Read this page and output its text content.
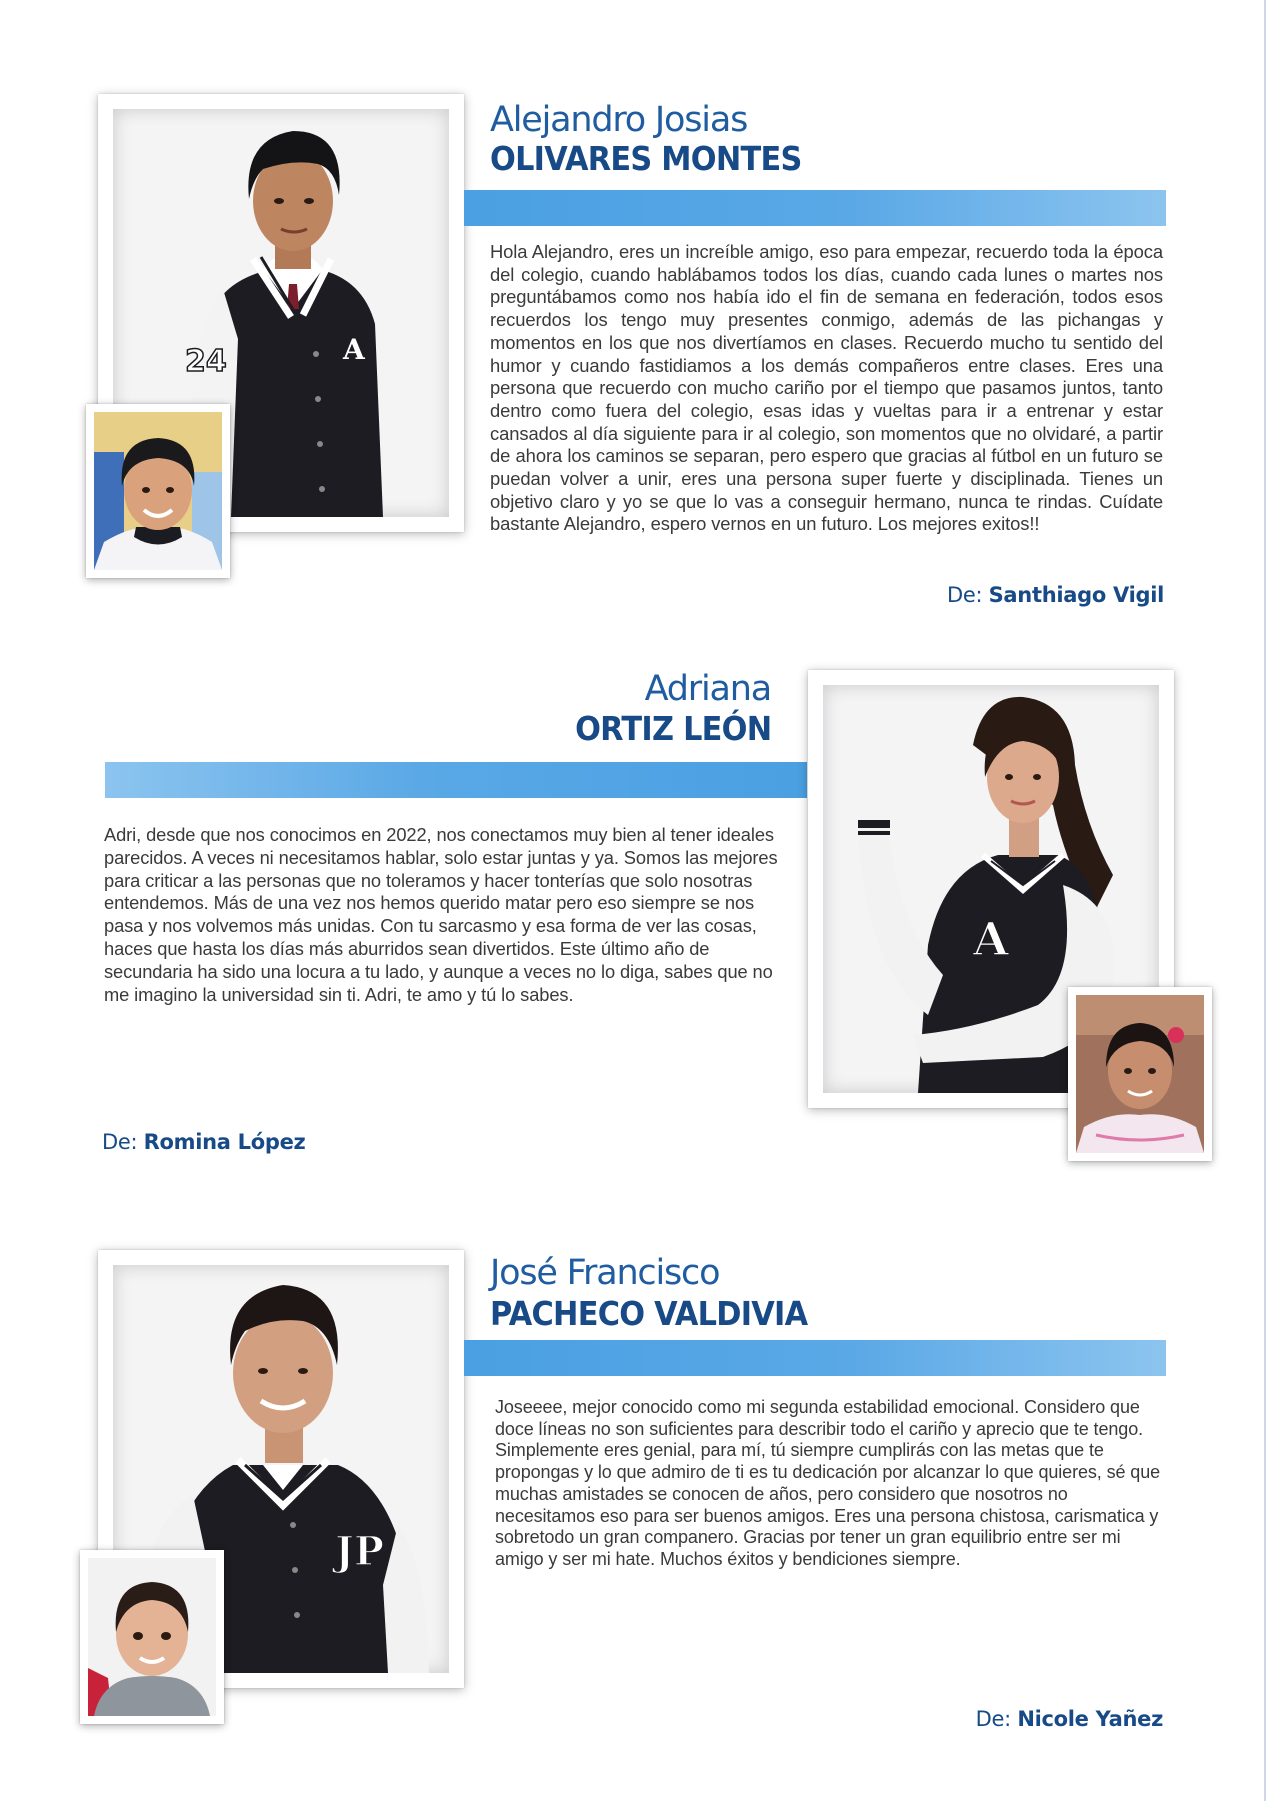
24	A
Alejandro Josias
OLIVARES MONTES

Hola Alejandro, eres un increíble amigo, eso para empezar, recuerdo toda la época del colegio, cuando hablábamos todos los días, cuando cada lunes o martes nos preguntábamos como nos había ido el fin de semana en federación, todos esos recuerdos los tengo muy presentes conmigo, además de las pichangas y momentos en los que nos divertíamos en clases. Recuerdo mucho tu sentido del humor y cuando fastidiamos a los demás compañeros entre clases. Eres una persona que recuerdo con mucho cariño por el tiempo que pasamos juntos, tanto dentro como fuera del colegio, esas idas y vueltas para ir a entrenar y estar cansados al día siguiente para ir al colegio, son momentos que no olvidaré, a partir de ahora los caminos se separan, pero espero que gracias al fútbol en un futuro se puedan volver a unir, eres una persona super fuerte y disciplinada. Tienes un objetivo claro y yo se que lo vas a conseguir hermano, nunca te rindas. Cuídate bastante Alejandro, espero vernos en un futuro. Los mejores exitos!!

De: Santhiago Vigil
Adriana
ORTIZ LEÓN

Adri, desde que nos conocimos en 2022, nos conectamos muy bien al tener ideales parecidos. A veces ni necesitamos hablar, solo estar juntas y ya. Somos las mejores para criticar a las personas que no toleramos y hacer tonterías que solo nosotras entendemos. Más de una vez nos hemos querido matar pero eso siempre se nos pasa y nos volvemos más unidas. Con tu sarcasmo y esa forma de ver las cosas, haces que hasta los días más aburridos sean divertidos. Este último año de secundaria ha sido una locura a tu lado, y aunque a veces no lo diga, sabes que no me imagino la universidad sin ti. Adri, te amo y tú lo sabes.

De: Romina López
A
JP
José Francisco
PACHECO VALDIVIA

Joseeee, mejor conocido como mi segunda estabilidad emocional. Considero que doce líneas no son suficientes para describir todo el cariño y aprecio que te tengo. Simplemente eres genial, para mí, tú siempre cumplirás con las metas que te propongas y lo que admiro de ti es tu dedicación por alcanzar lo que quieres, sé que muchas amistades se conocen de años, pero considero que nosotros no necesitamos eso para ser buenos amigos. Eres una persona chistosa, carismatica y sobretodo un gran companero. Gracias por tener un gran equilibrio entre ser mi amigo y ser mi hate. Muchos éxitos y bendiciones siempre.

De: Nicole Yañez
